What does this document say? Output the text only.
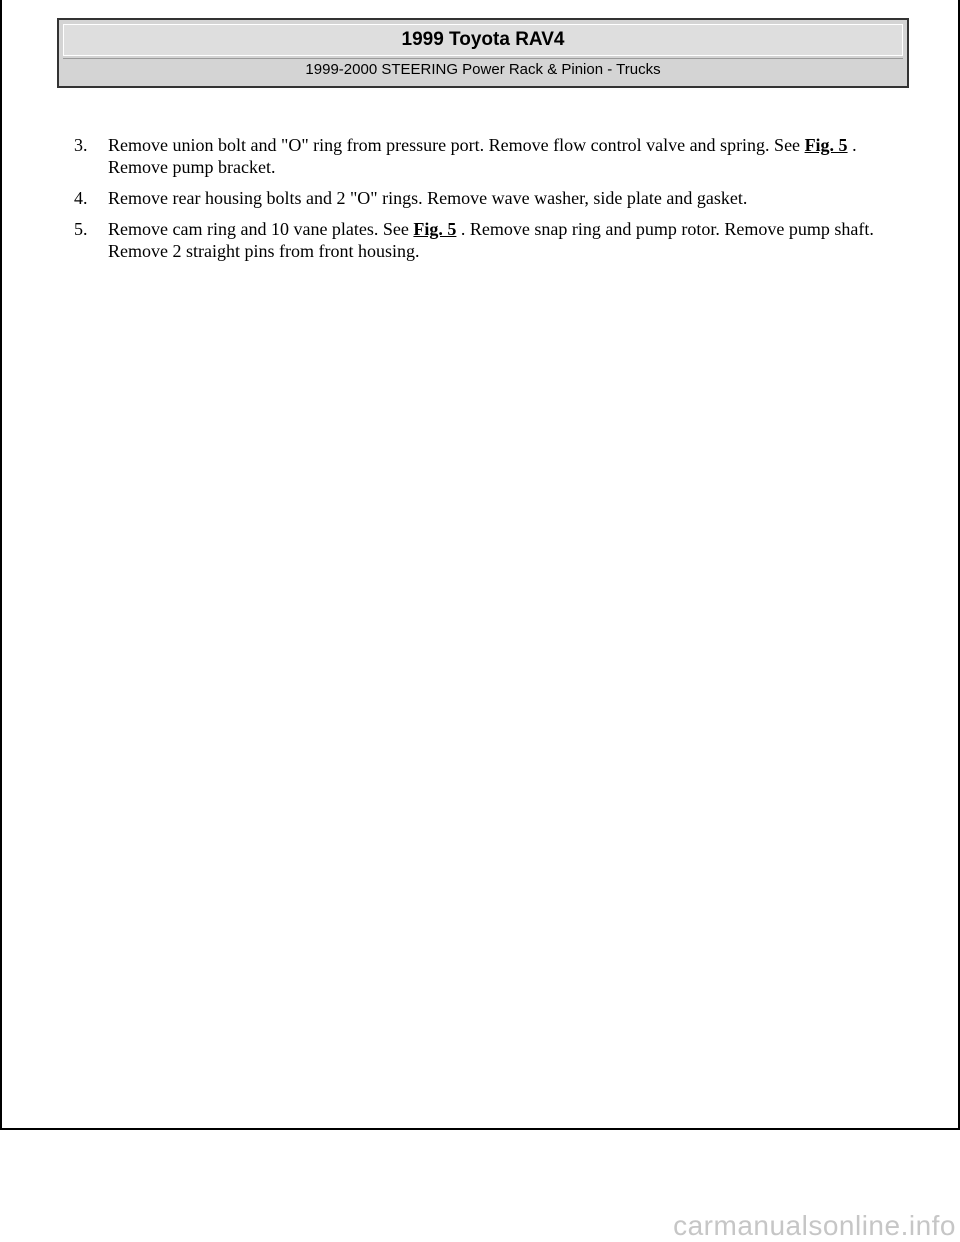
1999 Toyota RAV4
1999-2000 STEERING Power Rack & Pinion - Trucks
3. Remove union bolt and "O" ring from pressure port. Remove flow control valve and spring. See Fig. 5 . Remove pump bracket.
4. Remove rear housing bolts and 2 "O" rings. Remove wave washer, side plate and gasket.
5. Remove cam ring and 10 vane plates. See Fig. 5 . Remove snap ring and pump rotor. Remove pump shaft. Remove 2 straight pins from front housing.
carmanualsonline.info
